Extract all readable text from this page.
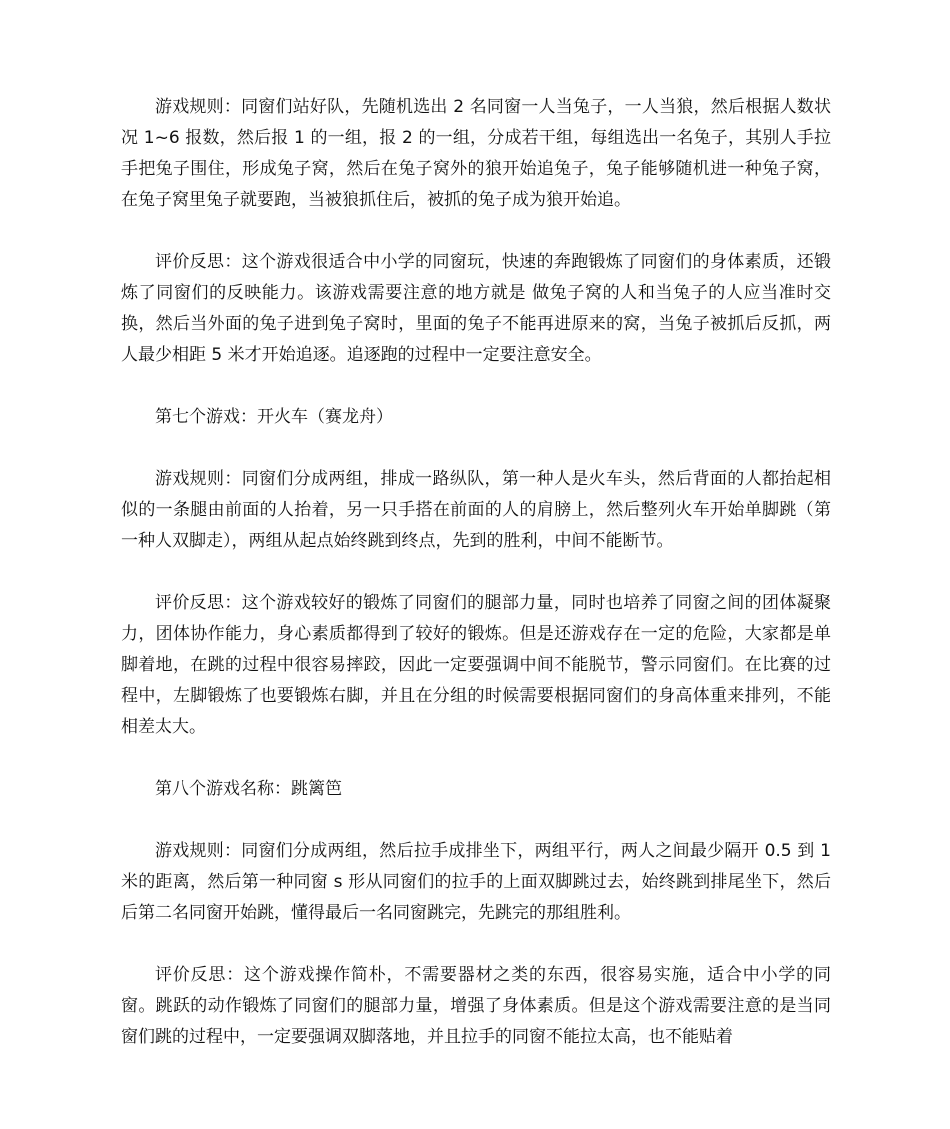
游戏规则：同窗们站好队，先随机选出 2 名同窗一人当兔子，一人当狼，然后根据人数状况 1~6 报数，然后报 1 的一组，报 2 的一组，分成若干组，每组选出一名兔子，其别人手拉手把兔子围住，形成兔子窝，然后在兔子窝外的狼开始追兔子，兔子能够随机进一种兔子窝，在兔子窝里兔子就要跑，当被狼抓住后，被抓的兔子成为狼开始追。

评价反思：这个游戏很适合中小学的同窗玩，快速的奔跑锻炼了同窗们的身体素质，还锻炼了同窗们的反映能力。该游戏需要注意的地方就是 做兔子窝的人和当兔子的人应当准时交换，然后当外面的兔子进到兔子窝时，里面的兔子不能再进原来的窝，当兔子被抓后反抓，两人最少相距 5 米才开始追逐。追逐跑的过程中一定要注意安全。

第七个游戏：开火车（赛龙舟）

游戏规则：同窗们分成两组，排成一路纵队，第一种人是火车头，然后背面的人都抬起相似的一条腿由前面的人抬着，另一只手搭在前面的人的肩膀上，然后整列火车开始单脚跳（第一种人双脚走），两组从起点始终跳到终点，先到的胜利，中间不能断节。

评价反思：这个游戏较好的锻炼了同窗们的腿部力量，同时也培养了同窗之间的团体凝聚力，团体协作能力，身心素质都得到了较好的锻炼。但是还游戏存在一定的危险，大家都是单脚着地，在跳的过程中很容易摔跤，因此一定要强调中间不能脱节，警示同窗们。在比赛的过程中，左脚锻炼了也要锻炼右脚，并且在分组的时候需要根据同窗们的身高体重来排列，不能相差太大。

第八个游戏名称：跳篱笆

游戏规则：同窗们分成两组，然后拉手成排坐下，两组平行，两人之间最少隔开 0.5 到 1 米的距离，然后第一种同窗 s 形从同窗们的拉手的上面双脚跳过去，始终跳到排尾坐下，然后后第二名同窗开始跳，懂得最后一名同窗跳完，先跳完的那组胜利。

评价反思：这个游戏操作简朴，不需要器材之类的东西，很容易实施，适合中小学的同窗。跳跃的动作锻炼了同窗们的腿部力量，增强了身体素质。但是这个游戏需要注意的是当同窗们跳的过程中，一定要强调双脚落地，并且拉手的同窗不能拉太高，也不能贴着
